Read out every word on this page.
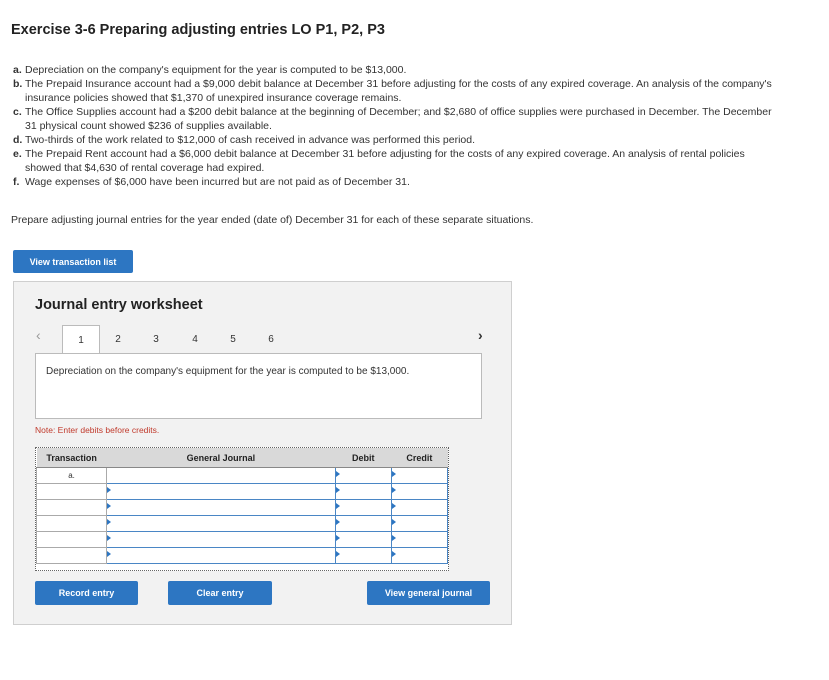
Exercise 3-6 Preparing adjusting entries LO P1, P2, P3
a. Depreciation on the company's equipment for the year is computed to be $13,000.
b. The Prepaid Insurance account had a $9,000 debit balance at December 31 before adjusting for the costs of any expired coverage. An analysis of the company's insurance policies showed that $1,370 of unexpired insurance coverage remains.
c. The Office Supplies account had a $200 debit balance at the beginning of December; and $2,680 of office supplies were purchased in December. The December 31 physical count showed $236 of supplies available.
d. Two-thirds of the work related to $12,000 of cash received in advance was performed this period.
e. The Prepaid Rent account had a $6,000 debit balance at December 31 before adjusting for the costs of any expired coverage. An analysis of rental policies showed that $4,630 of rental coverage had expired.
f. Wage expenses of $6,000 have been incurred but are not paid as of December 31.
Prepare adjusting journal entries for the year ended (date of) December 31 for each of these separate situations.
View transaction list
Journal entry worksheet
‹	1	2	3	4	5	6	›
Depreciation on the company's equipment for the year is computed to be $13,000.
Note: Enter debits before credits.
Transaction	General Journal	Debit	Credit
a.		

Record entry	Clear entry	View general journal
